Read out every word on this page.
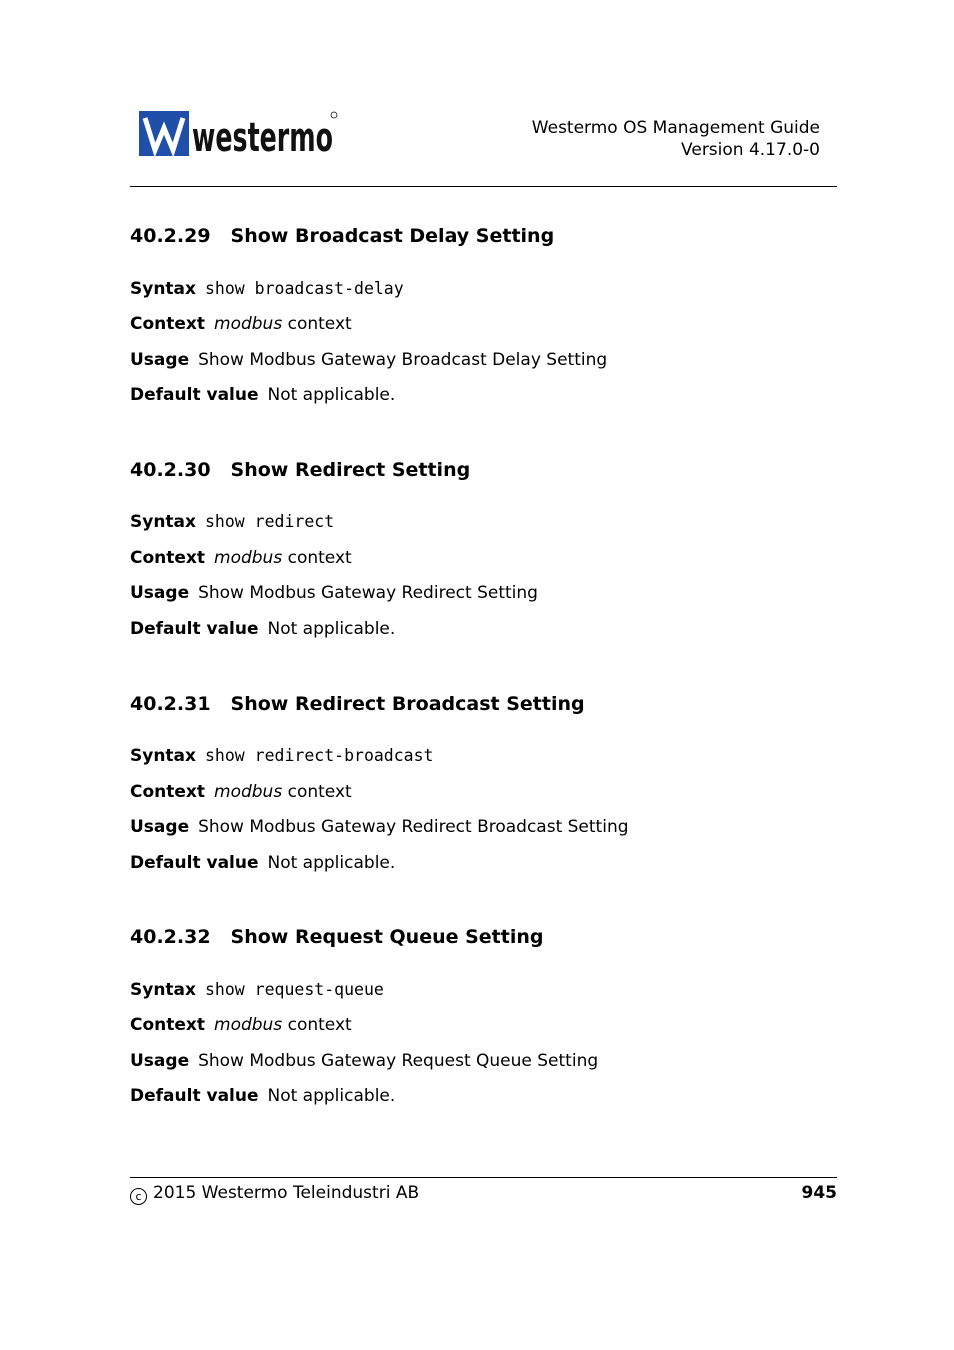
westermo	Westermo OS Management Guide
Version 4.17.0-0
40.2.29 Show Broadcast Delay Setting
Syntax show broadcast-delay
Context modbus context
Usage Show Modbus Gateway Broadcast Delay Setting
Default value Not applicable.
40.2.30 Show Redirect Setting
Syntax show redirect
Context modbus context
Usage Show Modbus Gateway Redirect Setting
Default value Not applicable.
40.2.31 Show Redirect Broadcast Setting
Syntax show redirect-broadcast
Context modbus context
Usage Show Modbus Gateway Redirect Broadcast Setting
Default value Not applicable.
40.2.32 Show Request Queue Setting
Syntax show request-queue
Context modbus context
Usage Show Modbus Gateway Request Queue Setting
Default value Not applicable.
c 2015 Westermo Teleindustri AB	945
